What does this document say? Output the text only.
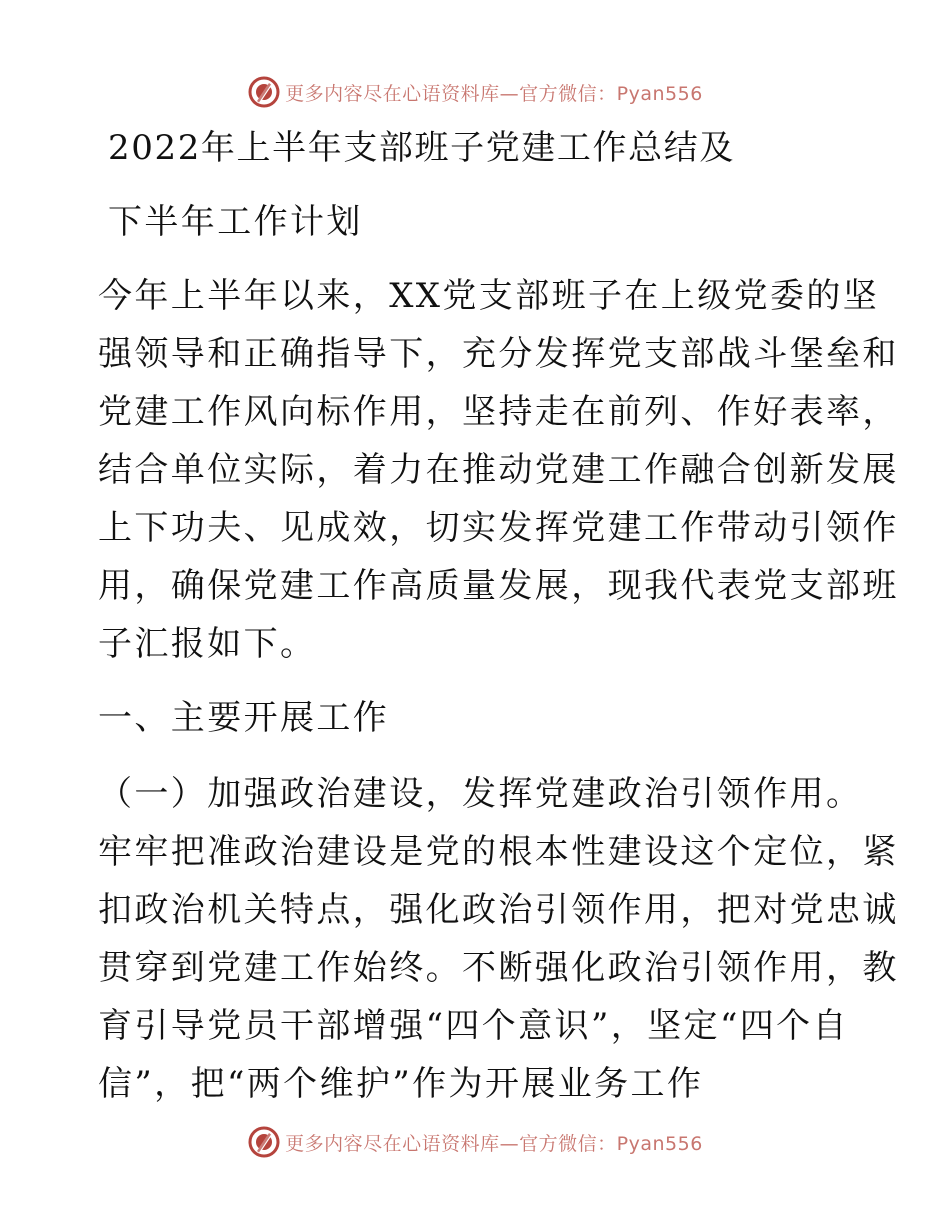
更多内容尽在心语资料库—官方微信：Pyan556
2022年上半年支部班子党建工作总结及
下半年工作计划
今年上半年以来，XX党支部班子在上级党委的坚
强领导和正确指导下，充分发挥党支部战斗堡垒和
党建工作风向标作用，坚持走在前列、作好表率，
结合单位实际，着力在推动党建工作融合创新发展
上下功夫、见成效，切实发挥党建工作带动引领作
用，确保党建工作高质量发展，现我代表党支部班
子汇报如下。
一、主要开展工作
（一）加强政治建设，发挥党建政治引领作用。
牢牢把准政治建设是党的根本性建设这个定位，紧
扣政治机关特点，强化政治引领作用，把对党忠诚
贯穿到党建工作始终。不断强化政治引领作用，教
育引导党员干部增强“四个意识”，坚定“四个自
信”，把“两个维护”作为开展业务工作
更多内容尽在心语资料库—官方微信：Pyan556
